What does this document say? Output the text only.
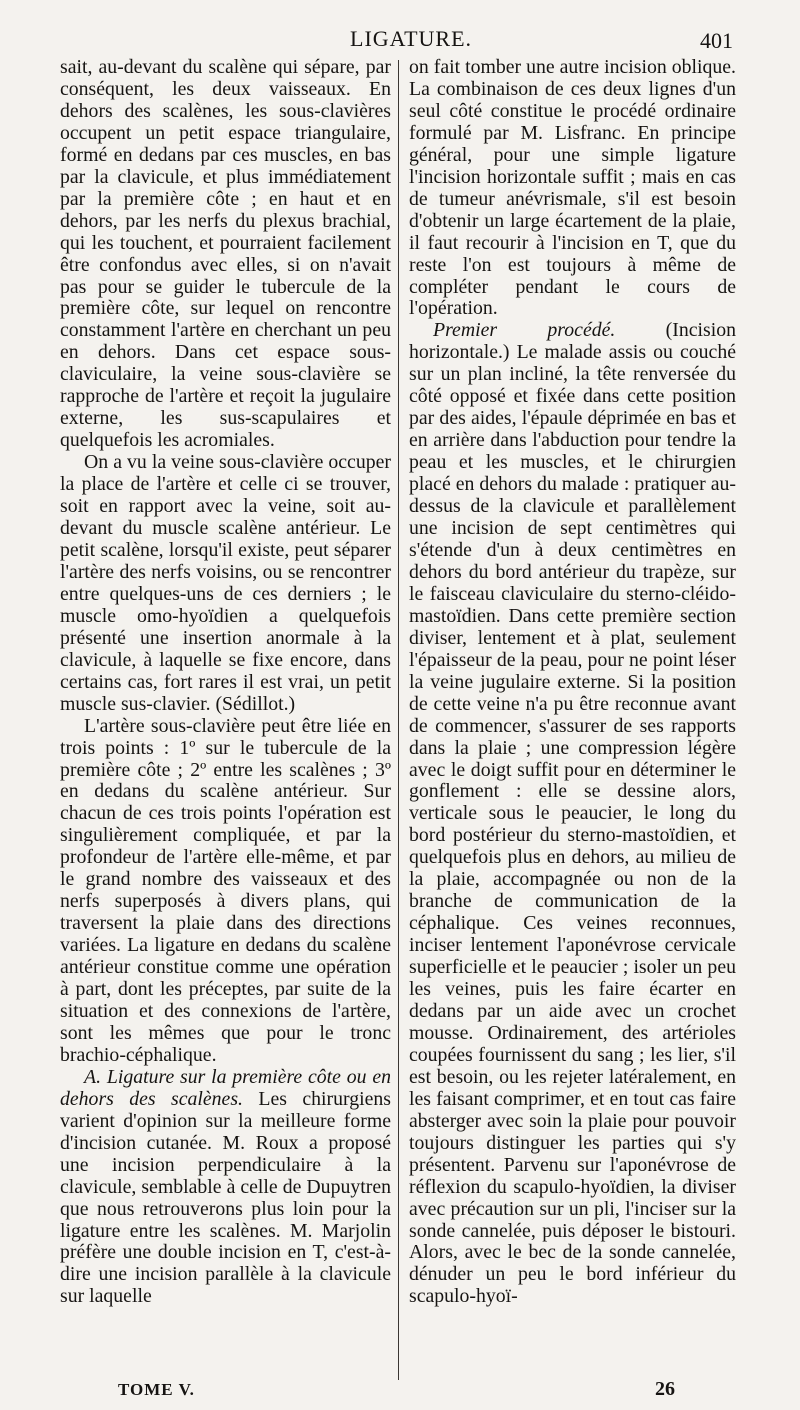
LIGATURE.	401

sait, au-devant du scalène qui sépare, par conséquent, les deux vaisseaux. En dehors des scalènes, les sous-clavières occupent un petit espace triangulaire, formé en dedans par ces muscles, en bas par la clavicule, et plus immédiatement par la première côte ; en haut et en dehors, par les nerfs du plexus brachial, qui les touchent, et pourraient facilement être confondus avec elles, si on n'avait pas pour se guider le tubercule de la première côte, sur lequel on rencontre constamment l'artère en cherchant un peu en dehors. Dans cet espace sous-claviculaire, la veine sous-clavière se rapproche de l'artère et reçoit la jugulaire externe, les sus-scapulaires et quelquefois les acromiales.

On a vu la veine sous-clavière occuper la place de l'artère et celle ci se trouver, soit en rapport avec la veine, soit au-devant du muscle scalène antérieur. Le petit scalène, lorsqu'il existe, peut séparer l'artère des nerfs voisins, ou se rencontrer entre quelques-uns de ces derniers ; le muscle omo-hyoïdien a quelquefois présenté une insertion anormale à la clavicule, à laquelle se fixe encore, dans certains cas, fort rares il est vrai, un petit muscle sus-clavier. (Sédillot.)

L'artère sous-clavière peut être liée en trois points : 1º sur le tubercule de la première côte ; 2º entre les scalènes ; 3º en dedans du scalène antérieur. Sur chacun de ces trois points l'opération est singulièrement compliquée, et par la profondeur de l'artère elle-même, et par le grand nombre des vaisseaux et des nerfs superposés à divers plans, qui traversent la plaie dans des directions variées. La ligature en dedans du scalène antérieur constitue comme une opération à part, dont les préceptes, par suite de la situation et des connexions de l'artère, sont les mêmes que pour le tronc brachio-céphalique.

A. Ligature sur la première côte ou en dehors des scalènes. Les chirurgiens varient d'opinion sur la meilleure forme d'incision cutanée. M. Roux a proposé une incision perpendiculaire à la clavicule, semblable à celle de Dupuytren que nous retrouverons plus loin pour la ligature entre les scalènes. M. Marjolin préfère une double incision en T, c'est-à-dire une incision parallèle à la clavicule sur laquelle

on fait tomber une autre incision oblique. La combinaison de ces deux lignes d'un seul côté constitue le procédé ordinaire formulé par M. Lisfranc. En principe général, pour une simple ligature l'incision horizontale suffit ; mais en cas de tumeur anévrismale, s'il est besoin d'obtenir un large écartement de la plaie, il faut recourir à l'incision en T, que du reste l'on est toujours à même de compléter pendant le cours de l'opération.

Premier procédé. (Incision horizontale.) Le malade assis ou couché sur un plan incliné, la tête renversée du côté opposé et fixée dans cette position par des aides, l'épaule déprimée en bas et en arrière dans l'abduction pour tendre la peau et les muscles, et le chirurgien placé en dehors du malade : pratiquer au-dessus de la clavicule et parallèlement une incision de sept centimètres qui s'étende d'un à deux centimètres en dehors du bord antérieur du trapèze, sur le faisceau claviculaire du sterno-cléido-mastoïdien. Dans cette première section diviser, lentement et à plat, seulement l'épaisseur de la peau, pour ne point léser la veine jugulaire externe. Si la position de cette veine n'a pu être reconnue avant de commencer, s'assurer de ses rapports dans la plaie ; une compression légère avec le doigt suffit pour en déterminer le gonflement : elle se dessine alors, verticale sous le peaucier, le long du bord postérieur du sterno-mastoïdien, et quelquefois plus en dehors, au milieu de la plaie, accompagnée ou non de la branche de communication de la céphalique. Ces veines reconnues, inciser lentement l'aponévrose cervicale superficielle et le peaucier ; isoler un peu les veines, puis les faire écarter en dedans par un aide avec un crochet mousse. Ordinairement, des artérioles coupées fournissent du sang ; les lier, s'il est besoin, ou les rejeter latéralement, en les faisant comprimer, et en tout cas faire absterger avec soin la plaie pour pouvoir toujours distinguer les parties qui s'y présentent. Parvenu sur l'aponévrose de réflexion du scapulo-hyoïdien, la diviser avec précaution sur un pli, l'inciser sur la sonde cannelée, puis déposer le bistouri. Alors, avec le bec de la sonde cannelée, dénuder un peu le bord inférieur du scapulo-hyoï-

TOME V.	26
